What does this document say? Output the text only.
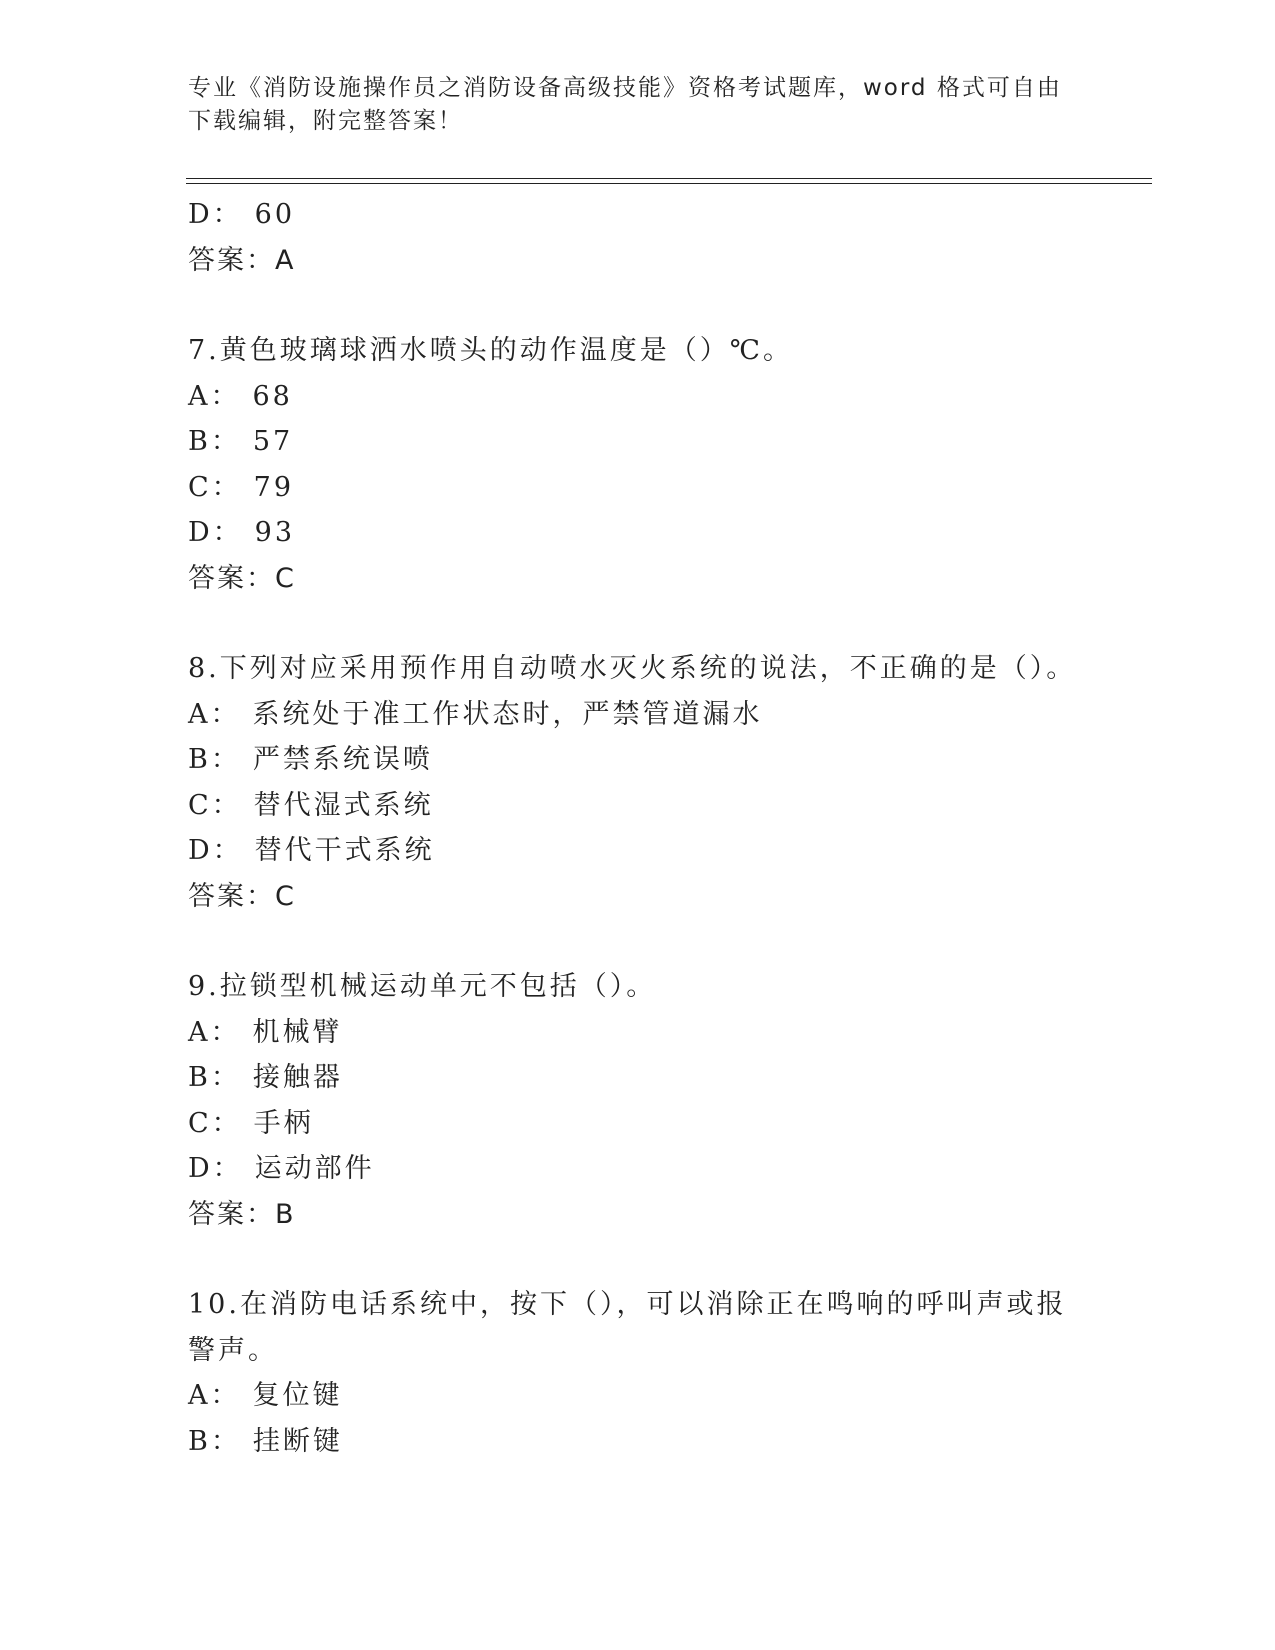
专业《消防设施操作员之消防设备高级技能》资格考试题库，word 格式可自由下载编辑，附完整答案！
D： 60
答案：A
7.黄色玻璃球洒水喷头的动作温度是（）℃。
A： 68
B： 57
C： 79
D： 93
答案：C
8.下列对应采用预作用自动喷水灭火系统的说法，不正确的是（）。
A： 系统处于准工作状态时，严禁管道漏水
B： 严禁系统误喷
C： 替代湿式系统
D： 替代干式系统
答案：C
9.拉锁型机械运动单元不包括（）。
A： 机械臂
B： 接触器
C： 手柄
D： 运动部件
答案：B
10.在消防电话系统中，按下（），可以消除正在鸣响的呼叫声或报警声。
A： 复位键
B： 挂断键
